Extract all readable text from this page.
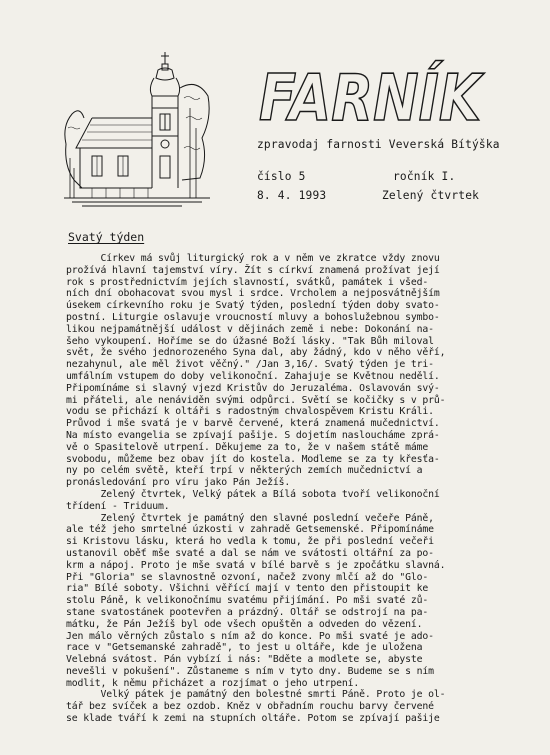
FARNÍK
zpravodaj farnosti Veverská Bítýška
číslo 5	ročník I.
8. 4. 1993	Zelený čtvrtek
Svatý týden
Církev má svůj liturgický rok a v něm ve zkratce vždy znovu
prožívá hlavní tajemství víry. Žít s církví znamená prožívat její
rok s prostřednictvím jejích slavností, svátků, památek i všed-
ních dní obohacovat svou mysl i srdce. Vrcholem a nejposvátnějším
úsekem církevního roku je Svatý týden, poslední týden doby svato-
postní. Liturgie oslavuje vroucností mluvy a bohoslužebnou symbo-
likou nejpamátnější událost v dějinách země i nebe: Dokonání na-
šeho vykoupení. Hoříme se do úžasné Boží lásky. "Tak Bůh miloval
svět, že svého jednorozeného Syna dal, aby žádný, kdo v něho věří,
nezahynul, ale měl život věčný." /Jan 3,16/. Svatý týden je tri-
umfálním vstupem do doby velikonoční. Zahajuje se Květnou nedělí.
Připomínáme si slavný vjezd Kristův do Jeruzaléma. Oslavován svý-
mi přáteli, ale nenáviděn svými odpůrci. Světí se kočičky s v prů-
vodu se přichází k oltáři s radostným chvalospěvem Kristu Králi.
Průvod i mše svatá je v barvě červené, která znamená mučednictví.
Na místo evangelia se zpívají pašije. S dojetím nasloucháme zprá-
vě o Spasitelově utrpení. Děkujeme za to, že v našem státě máme
svobodu, můžeme bez obav jít do kostela. Modleme se za ty křesťa-
ny po celém světě, kteří trpí v některých zemích mučednictví a
pronásledování pro víru jako Pán Ježíš.
Zelený čtvrtek, Velký pátek a Bílá sobota tvoří velikonoční
třídení - Triduum.
Zelený čtvrtek je památný den slavné poslední večeře Páně,
ale též jeho smrtelné úzkosti v zahradě Getsemenské. Připomínáme
si Kristovu lásku, která ho vedla k tomu, že při poslední večeři
ustanovil oběť mše svaté a dal se nám ve svátosti oltářní za po-
krm a nápoj. Proto je mše svatá v bílé barvě s je zpočátku slavná.
Při "Gloria" se slavnostně ozvoní, načež zvony mlčí až do "Glo-
ria" Bílé soboty. Všichni věřící mají v tento den přistoupit ke
stolu Páně, k velikonočnímu svatému přijímání. Po mši svaté zů-
stane svatostánek pootevřen a prázdný. Oltář se odstrojí na pa-
mátku, že Pán Ježíš byl ode všech opuštěn a odveden do vězení.
Jen málo věrných zůstalo s ním až do konce. Po mši svaté je ado-
race v "Getsemanské zahradě", to jest u oltáře, kde je uložena
Velebná svátost. Pán vybízí i nás: "Bděte a modlete se, abyste
nevešli v pokušení". Zůstaneme s ním v tyto dny. Budeme se s ním
modlit, k němu přicházet a rozjímat o jeho utrpení.
Velký pátek je památný den bolestné smrti Páně. Proto je ol-
tář bez svíček a bez ozdob. Kněz v obřadním rouchu barvy červené
se klade tváří k zemi na stupních oltáře. Potom se zpívají pašije
